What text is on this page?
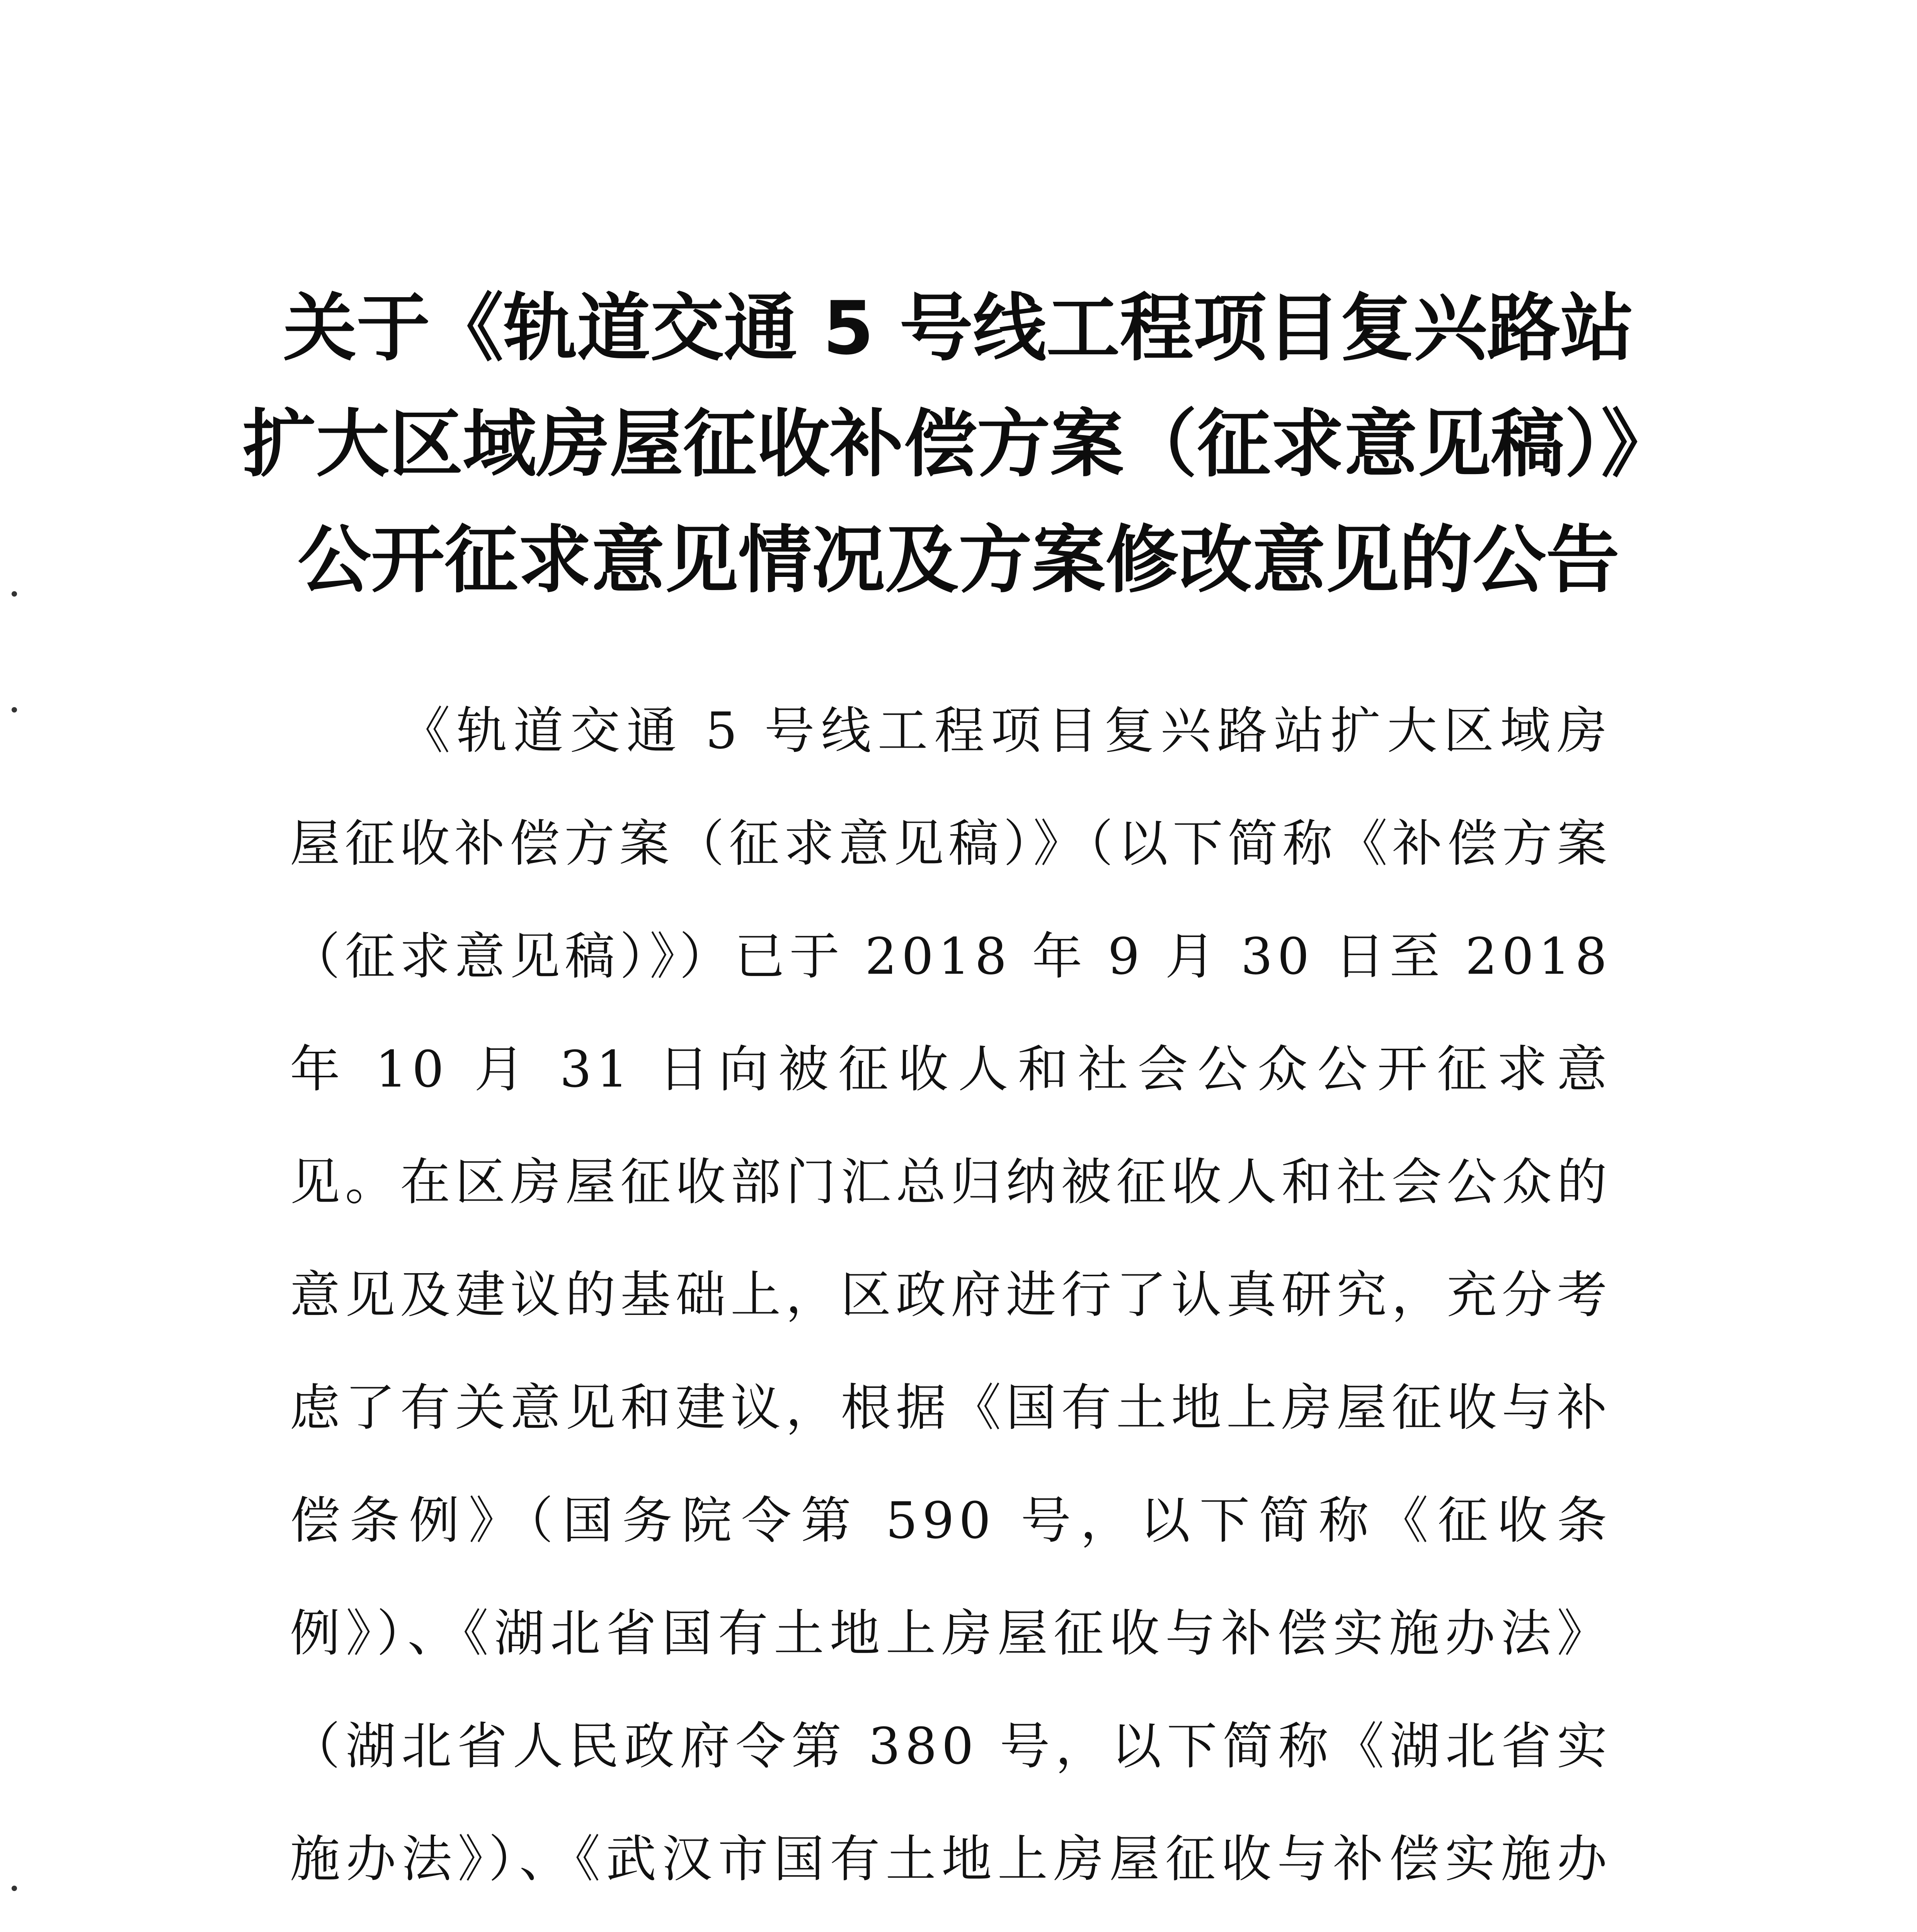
关于《轨道交通 5 号线工程项目复兴路站
扩大区域房屋征收补偿方案（征求意见稿）》
公开征求意见情况及方案修改意见的公告

《轨道交通 5 号线工程项目复兴路站扩大区域房屋征收补偿方案（征求意见稿）》（以下简称《补偿方案（征求意见稿）》）已于 2018 年 9 月 30 日至 2018 年 10 月 31 日向被征收人和社会公众公开征求意见。在区房屋征收部门汇总归纳被征收人和社会公众的意见及建议的基础上，区政府进行了认真研究，充分考虑了有关意见和建议，根据《国有土地上房屋征收与补偿条例》（国务院令第 590 号，以下简称《征收条例》）、《湖北省国有土地上房屋征收与补偿实施办法》（湖北省人民政府令第 380 号，以下简称《湖北省实施办法》）、《武汉市国有土地上房屋征收与补偿实施办
